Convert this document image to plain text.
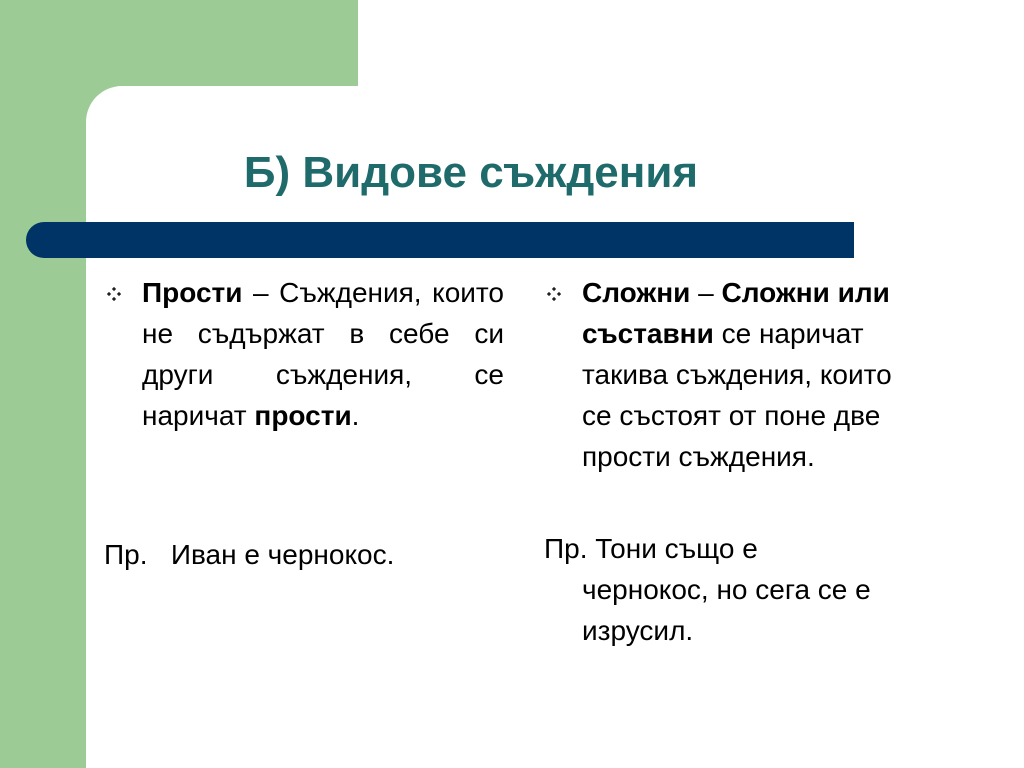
Б) Видове съждения

Прости – Съждения, които не съдържат в себе си други съждения, се наричат прости.

Пр. Иван е чернокос.

Сложни – Сложни или съставни се наричат такива съждения, които се състоят от поне две прости съждения.

Пр. Тони също е
чернокос, но сега се е
изрусил.
